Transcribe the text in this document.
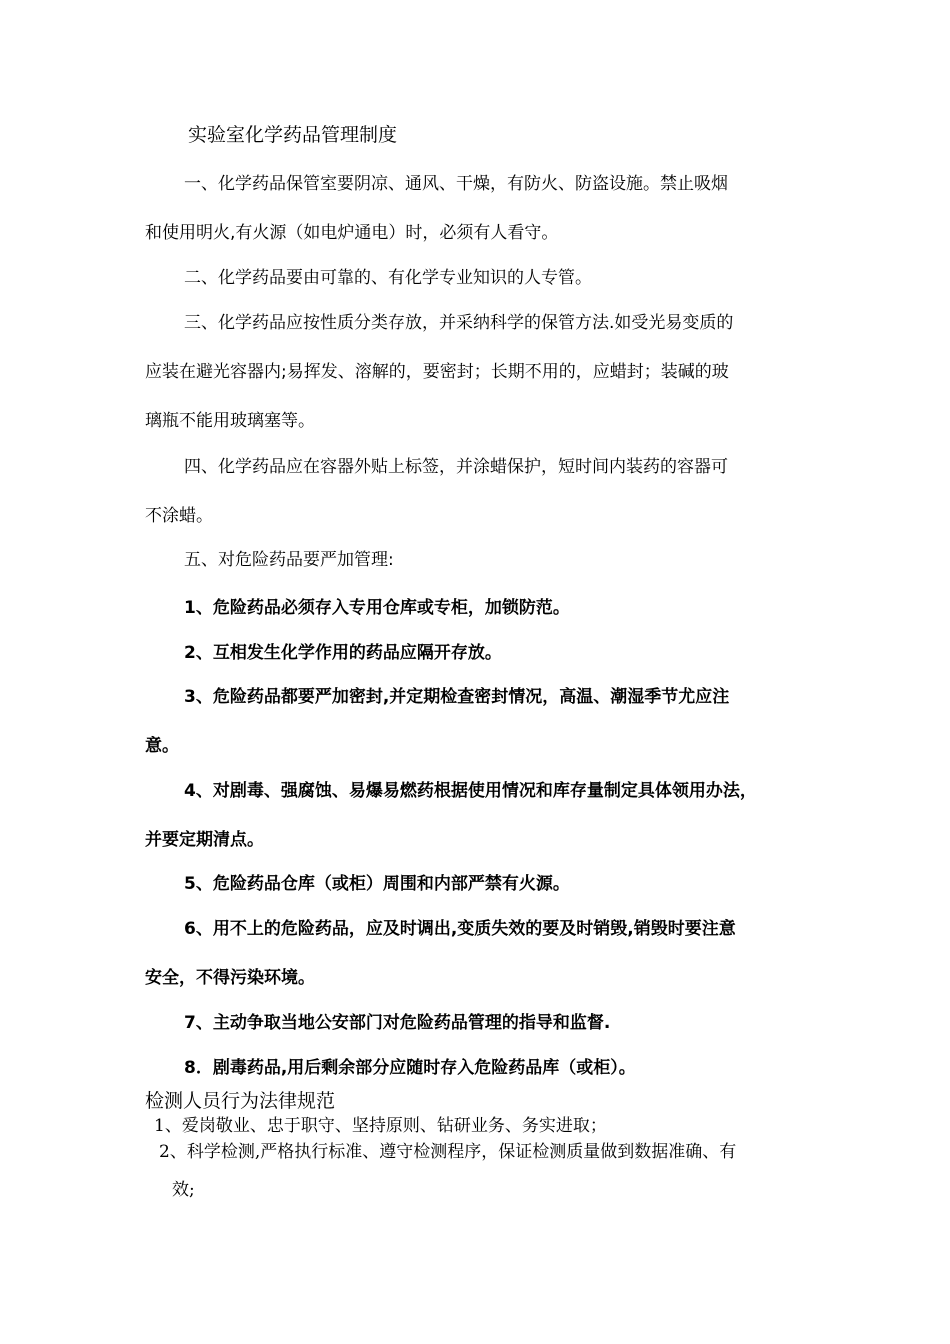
实验室化学药品管理制度
一、化学药品保管室要阴凉、通风、干燥，有防火、防盗设施。禁止吸烟
和使用明火,有火源（如电炉通电）时，必须有人看守。
二、化学药品要由可靠的、有化学专业知识的人专管。
三、化学药品应按性质分类存放，并采纳科学的保管方法.如受光易变质的
应装在避光容器内;易挥发、溶解的，要密封；长期不用的，应蜡封；装碱的玻
璃瓶不能用玻璃塞等。
四、化学药品应在容器外贴上标签，并涂蜡保护，短时间内装药的容器可
不涂蜡。
五、对危险药品要严加管理:
1、危险药品必须存入专用仓库或专柜，加锁防范。
2、互相发生化学作用的药品应隔开存放。
3、危险药品都要严加密封,并定期检查密封情况，高温、潮湿季节尤应注
意。
4、对剧毒、强腐蚀、易爆易燃药根据使用情况和库存量制定具体领用办法，
并要定期清点。
5、危险药品仓库（或柜）周围和内部严禁有火源。
6、用不上的危险药品，应及时调出,变质失效的要及时销毁,销毁时要注意
安全，不得污染环境。
7、主动争取当地公安部门对危险药品管理的指导和监督.
8．剧毒药品,用后剩余部分应随时存入危险药品库（或柜）。
检测人员行为法律规范
1、爱岗敬业、忠于职守、坚持原则、钻研业务、务实进取；
2、科学检测,严格执行标准、遵守检测程序，保证检测质量做到数据准确、有
效;
